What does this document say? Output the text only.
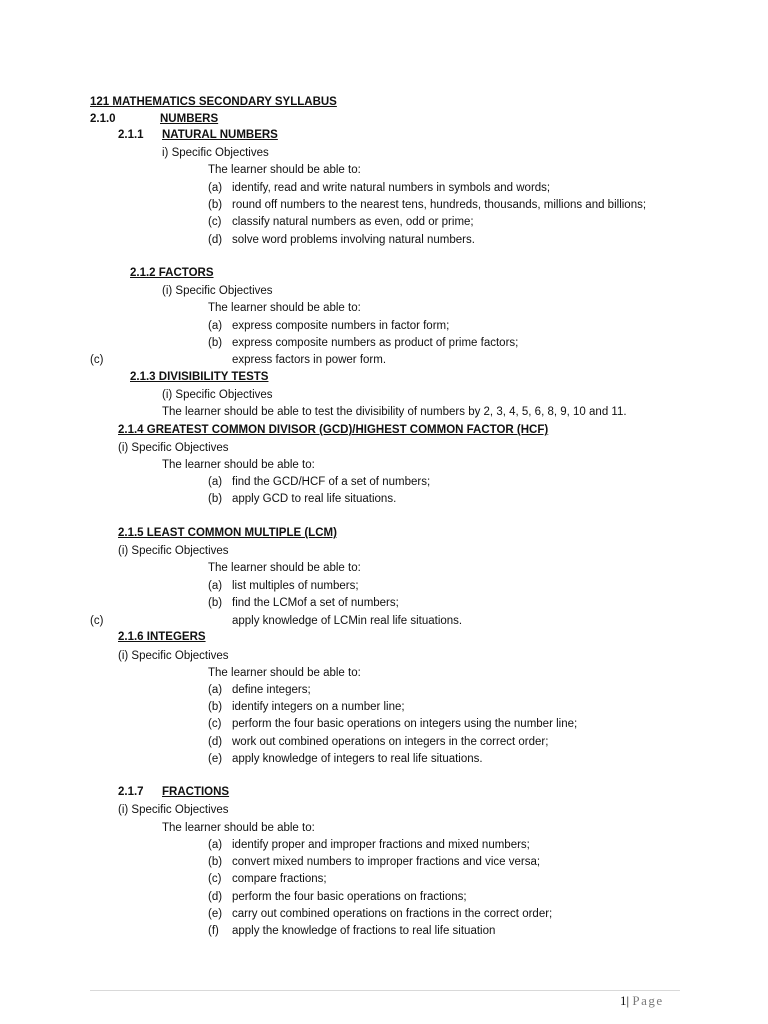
121 MATHEMATICS SECONDARY SYLLABUS
2.1.0	NUMBERS
2.1.1 NATURAL NUMBERS
i) Specific Objectives
The learner should be able to:
(a) identify, read and write natural numbers in symbols and words;
(b) round off numbers to the nearest tens, hundreds, thousands, millions and billions;
(c) classify natural numbers as even, odd or prime;
(d) solve word problems involving natural numbers.
2.1.2 FACTORS
(i) Specific Objectives
The learner should be able to:
(a) express composite numbers in factor form;
(b) express composite numbers as product of prime factors;
(c)	express factors in power form.
2.1.3 DIVISIBILITY TESTS
(i) Specific Objectives
The learner should be able to test the divisibility of numbers by 2, 3, 4, 5, 6, 8, 9, 10 and 11.
2.1.4 GREATEST COMMON DIVISOR (GCD)/HIGHEST COMMON FACTOR (HCF)
(i) Specific Objectives
The learner should be able to:
(a) find the GCD/HCF of a set of numbers;
(b) apply GCD to real life situations.
2.1.5 LEAST COMMON MULTIPLE (LCM)
(i) Specific Objectives
The learner should be able to:
(a) list multiples of numbers;
(b) find the LCMof a set of numbers;
(c)	apply knowledge of LCMin real life situations.
2.1.6 INTEGERS
(i) Specific Objectives
The learner should be able to:
(a) define integers;
(b) identify integers on a number line;
(c) perform the four basic operations on integers using the number line;
(d) work out combined operations on integers in the correct order;
(e) apply knowledge of integers to real life situations.
2.1.7 FRACTIONS
(i) Specific Objectives
The learner should be able to:
(a) identify proper and improper fractions and mixed numbers;
(b) convert mixed numbers to improper fractions and vice versa;
(c) compare fractions;
(d) perform the four basic operations on fractions;
(e) carry out combined operations on fractions in the correct order;
(f) apply the knowledge of fractions to real life situation
1| Page
